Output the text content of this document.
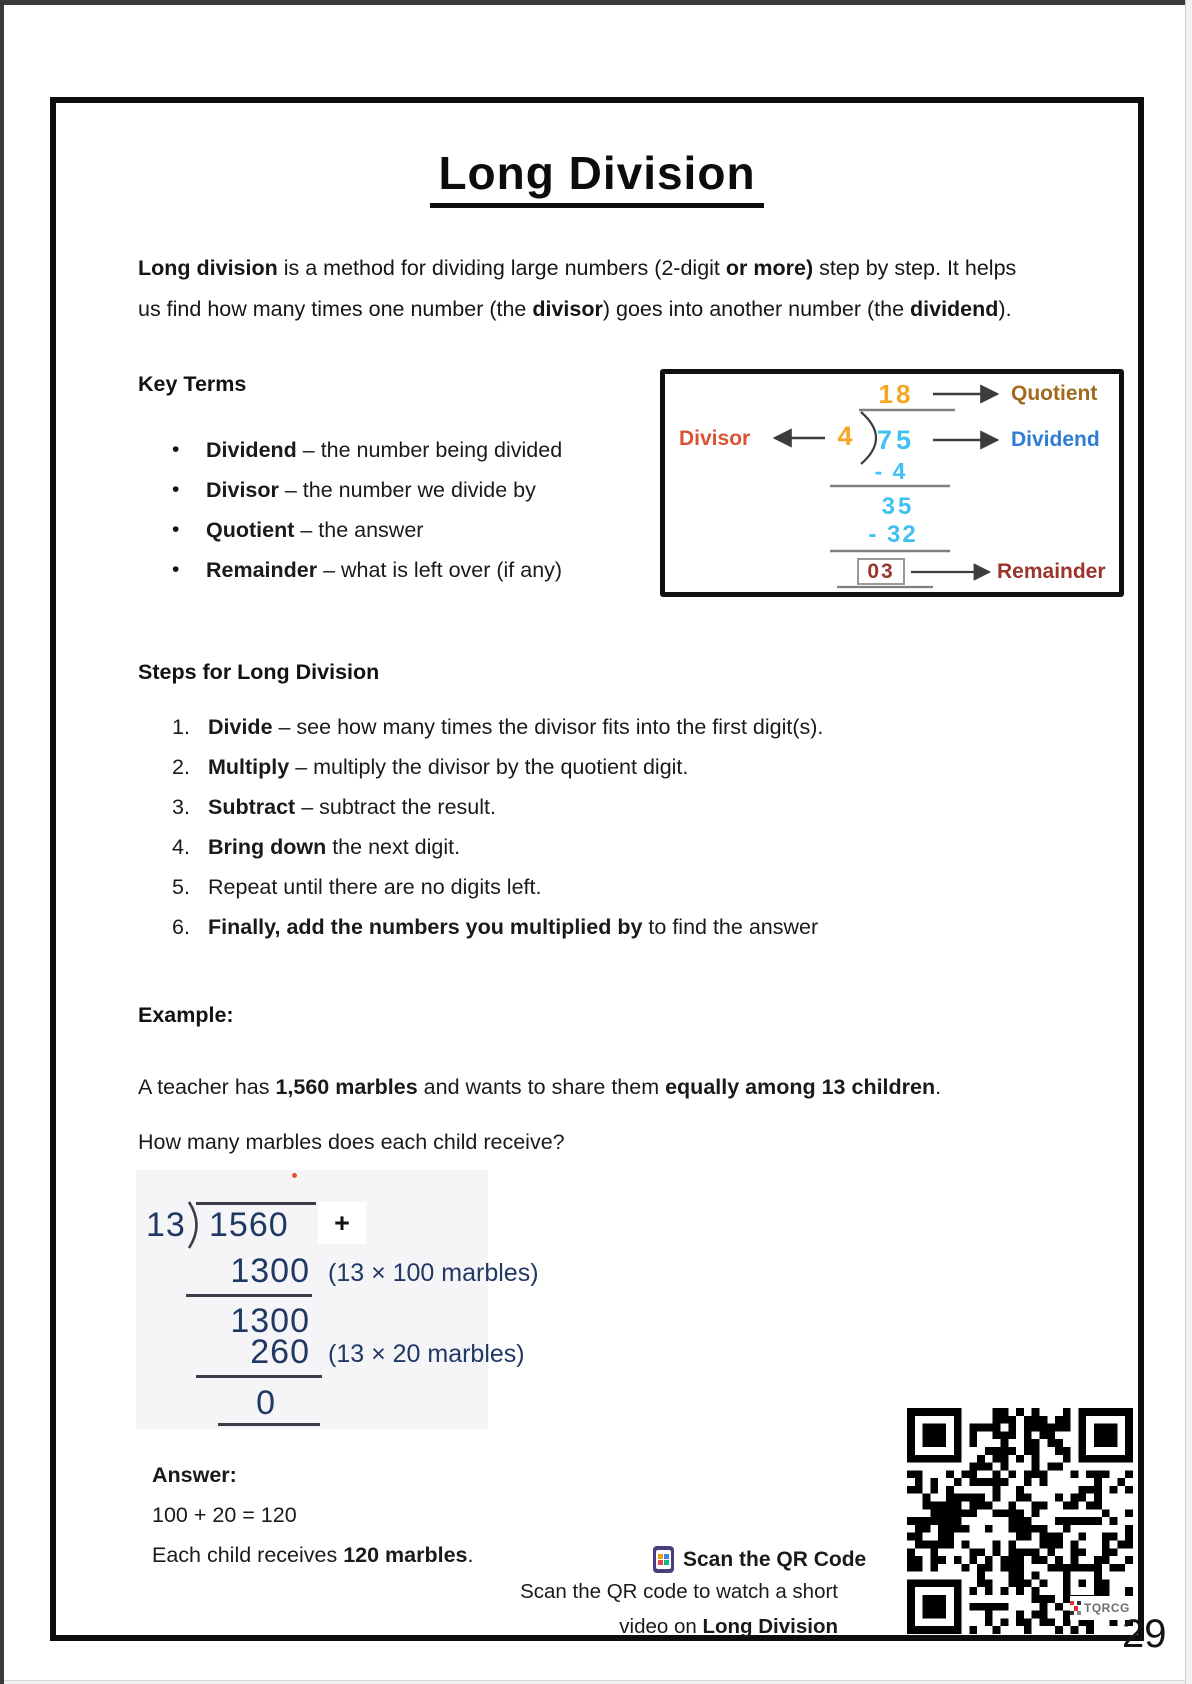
Long Division

Long division is a method for dividing large numbers (2-digit or more) step by step. It helps us find how many times one number (the divisor) goes into another number (the dividend).

Key Terms
•
Dividend – the number being divided
•
Divisor – the number we divide by
•
Quotient – the answer
•
Remainder – what is left over (if any)
18	Quotient
Divisor	4 75	Dividend
- 4
35
- 32
03	Remainder
Steps for Long Division
1. Divide – see how many times the divisor fits into the first digit(s).
2. Multiply – multiply the divisor by the quotient digit.
3. Subtract – subtract the result.
4. Bring down the next digit.
5. Repeat until there are no digits left.
6. Finally, add the numbers you multiplied by to find the answer
Example:

A teacher has 1,560 marbles and wants to share them equally among 13 children.

How many marbles does each child receive?
13 1560	+
1300 (13 × 100 marbles)
1300
260 (13 × 20 marbles)
0
Answer:
100 + 20 = 120
Each child receives 120 marbles.	Scan the QR Code
Scan the QR code to watch a short
video on Long Division
TQRCG
29
